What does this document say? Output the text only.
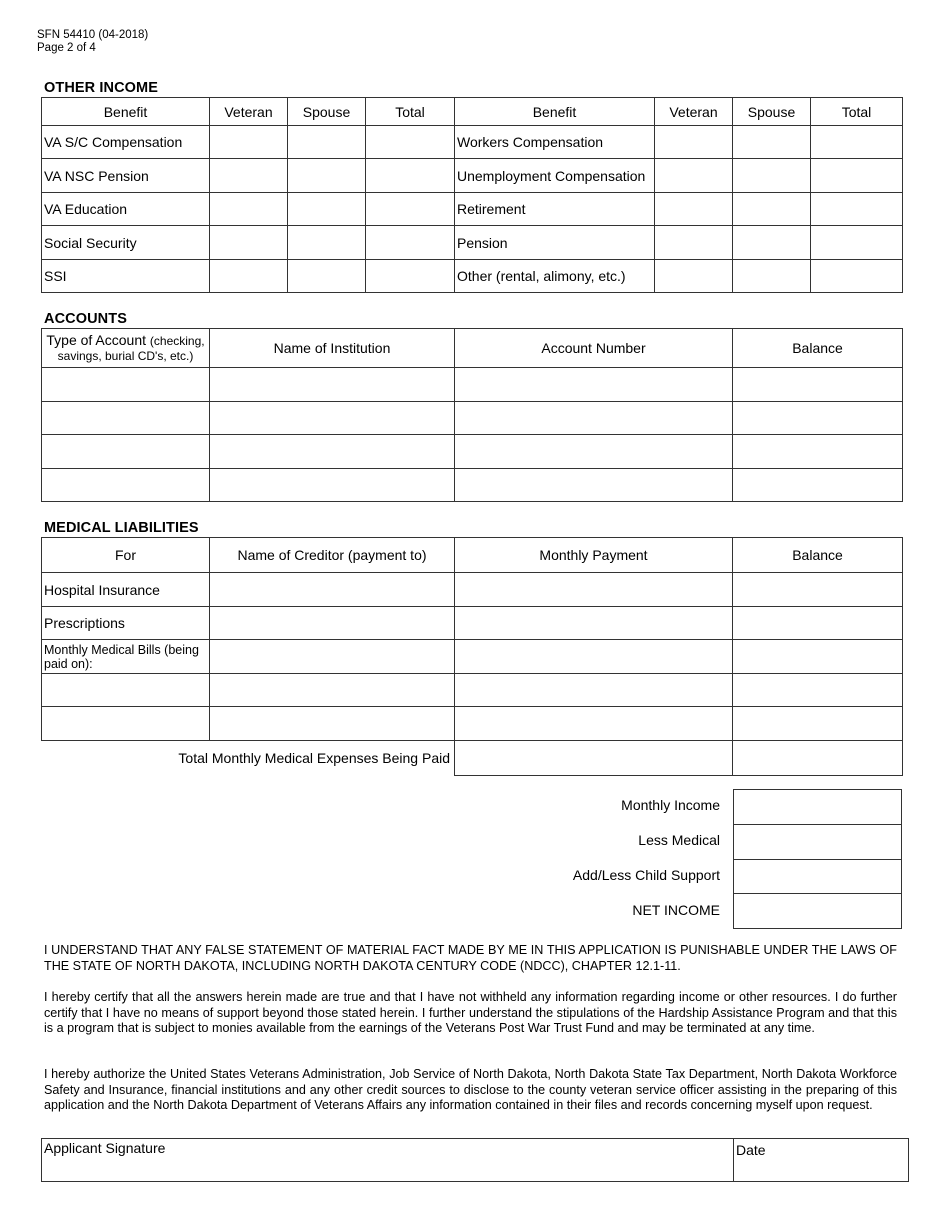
SFN 54410 (04-2018)
Page 2 of 4
OTHER INCOME
Benefit	Veteran	Spouse	Total	Benefit	Veteran	Spouse	Total
VA S/C Compensation				Workers Compensation			
VA NSC Pension				Unemployment Compensation			
VA Education				Retirement			
Social Security				Pension			
SSI				Other (rental, alimony, etc.)			
ACCOUNTS
Type of Account (checking,
savings, burial CD's, etc.)	Name of Institution	Account Number	Balance

MEDICAL LIABILITIES
For	Name of Creditor (payment to)	Monthly Payment	Balance
Hospital Insurance			
Prescriptions			
Monthly Medical Bills (being paid on):			

Total Monthly Medical Expenses Being Paid			

Monthly Income
Less Medical
Add/Less Child Support
NET INCOME
I UNDERSTAND THAT ANY FALSE STATEMENT OF MATERIAL FACT MADE BY ME IN THIS APPLICATION IS PUNISHABLE UNDER THE LAWS OF THE STATE OF NORTH DAKOTA, INCLUDING NORTH DAKOTA CENTURY CODE (NDCC), CHAPTER 12.1-11.
I hereby certify that all the answers herein made are true and that I have not withheld any information regarding income or other resources. I do further certify that I have no means of support beyond those stated herein. I further understand the stipulations of the Hardship Assistance Program and that this is a program that is subject to monies available from the earnings of the Veterans Post War Trust Fund and may be terminated at any time.
I hereby authorize the United States Veterans Administration, Job Service of North Dakota, North Dakota State Tax Department, North Dakota Workforce Safety and Insurance, financial institutions and any other credit sources to disclose to the county veteran service officer assisting in the preparing of this application and the North Dakota Department of Veterans Affairs any information contained in their files and records concerning myself upon request.
Applicant Signature	Date
